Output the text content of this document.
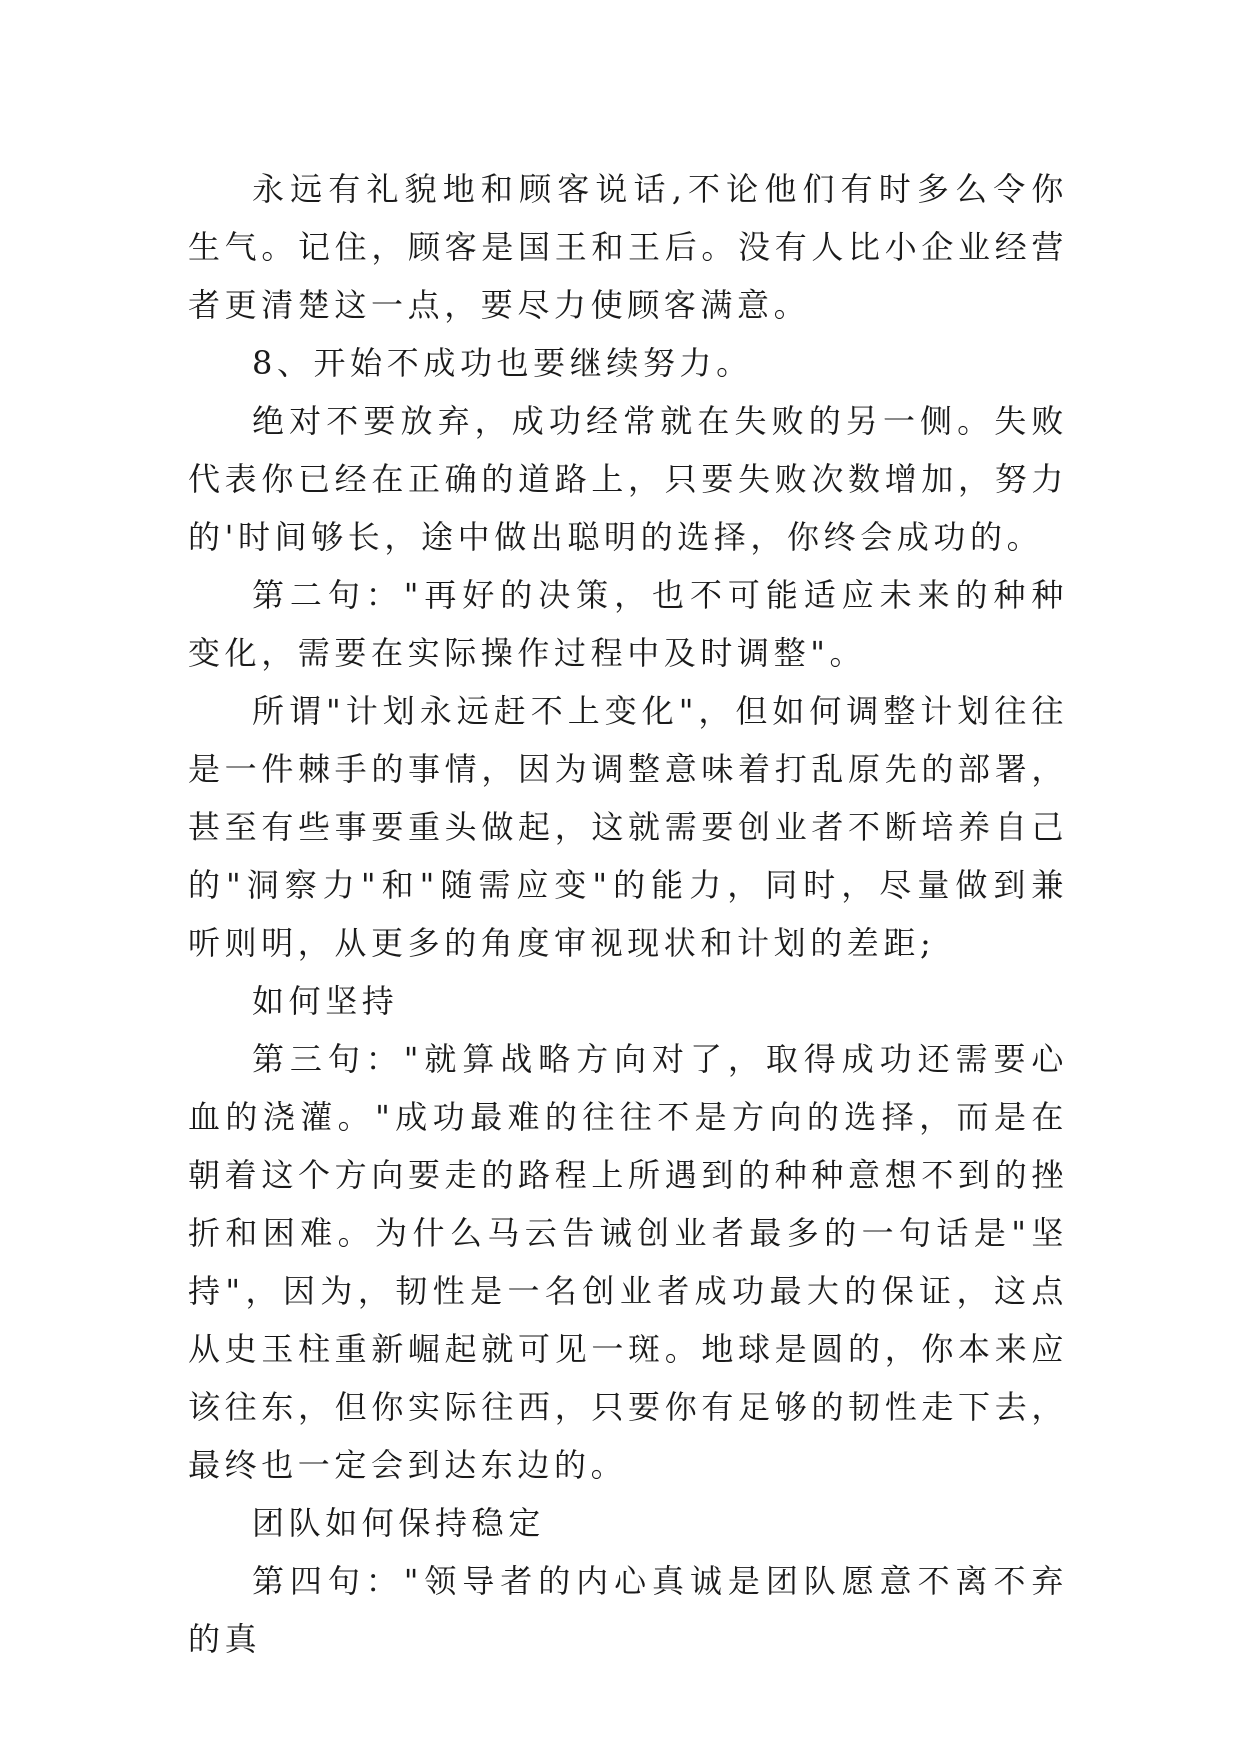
永远有礼貌地和顾客说话,不论他们有时多么令你生气。记住，顾客是国王和王后。没有人比小企业经营者更清楚这一点，要尽力使顾客满意。

8、开始不成功也要继续努力。

绝对不要放弃，成功经常就在失败的另一侧。失败代表你已经在正确的道路上，只要失败次数增加，努力的'时间够长，途中做出聪明的选择，你终会成功的。

第二句："再好的决策，也不可能适应未来的种种变化，需要在实际操作过程中及时调整"。

所谓"计划永远赶不上变化"，但如何调整计划往往是一件棘手的事情，因为调整意味着打乱原先的部署，甚至有些事要重头做起，这就需要创业者不断培养自己的"洞察力"和"随需应变"的能力，同时，尽量做到兼听则明，从更多的角度审视现状和计划的差距;

如何坚持

第三句："就算战略方向对了，取得成功还需要心血的浇灌。"成功最难的往往不是方向的选择，而是在朝着这个方向要走的路程上所遇到的种种意想不到的挫折和困难。为什么马云告诫创业者最多的一句话是"坚持"，因为，韧性是一名创业者成功最大的保证，这点从史玉柱重新崛起就可见一斑。地球是圆的，你本来应该往东，但你实际往西，只要你有足够的韧性走下去，最终也一定会到达东边的。

团队如何保持稳定

第四句："领导者的内心真诚是团队愿意不离不弃的真
